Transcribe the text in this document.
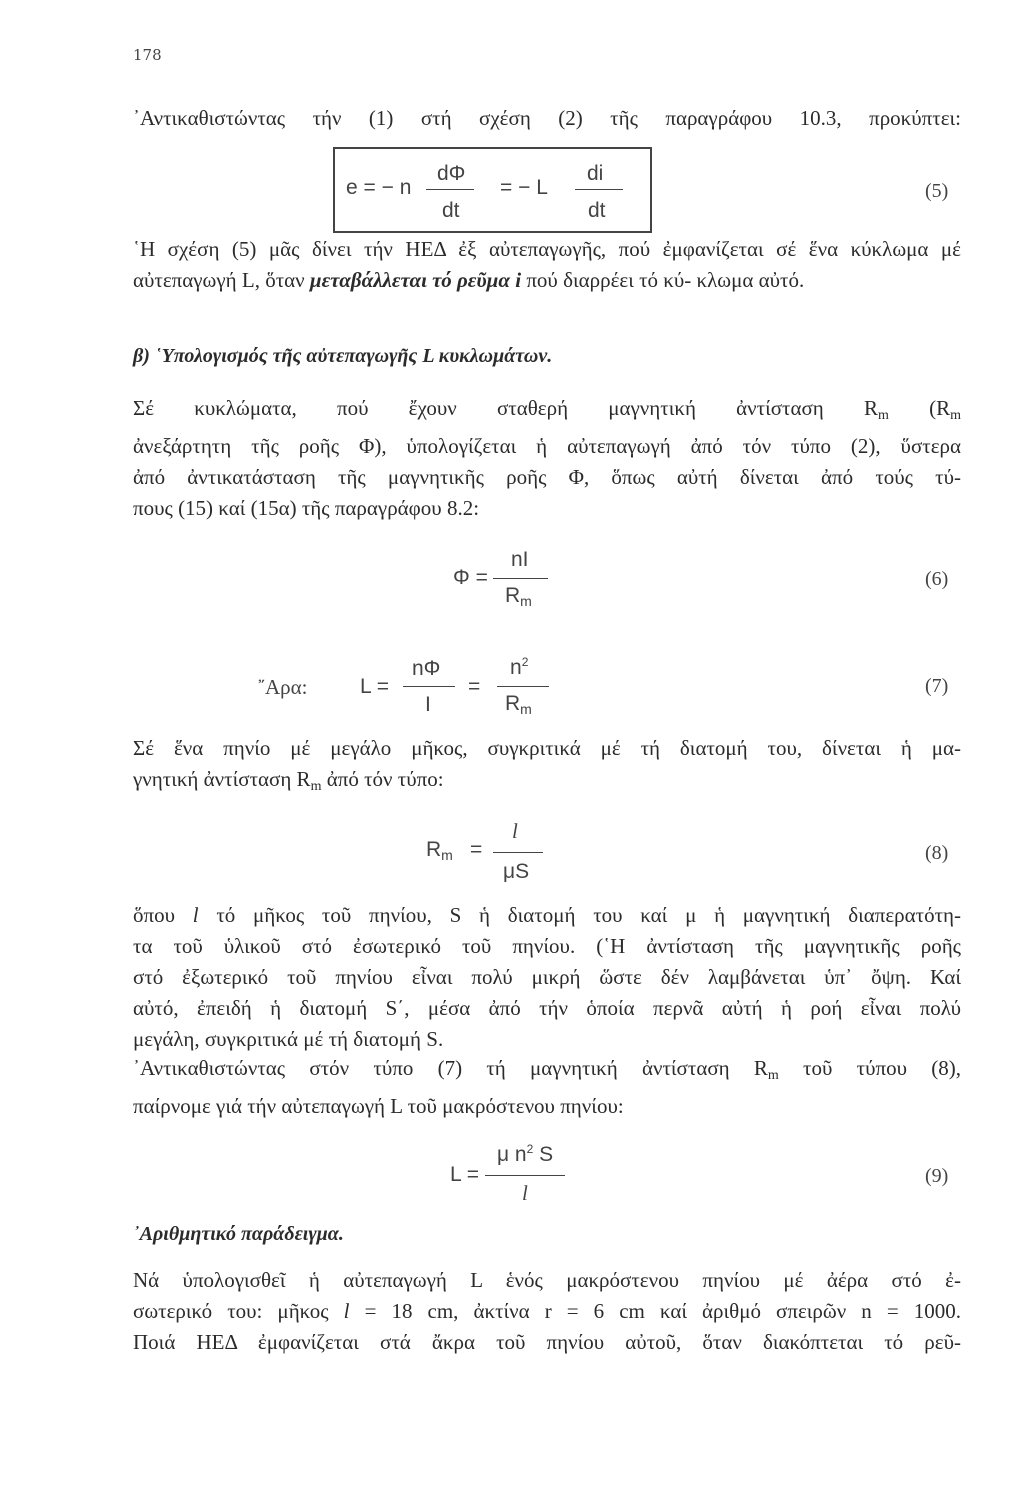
178

᾿Αντικαθιστώντας τήν (1) στή σχέση (2) τῆς παραγράφου 10.3, προκύπτει:

e = − n
dΦ
dt
= − L
di
dt
(5)

῾Η σχέση (5) μᾶς δίνει τήν ΗΕΔ ἐξ αὐτεπαγωγῆς, πού ἐμφανίζεται σέ ἕνα κύκλωμα μέ αὐτεπαγωγή L, ὅταν μεταβάλλεται τό ρεῦμα i πού διαρρέει τό κύ- κλωμα αὐτό.

β) ῾Υπολογισμός τῆς αὐτεπαγωγῆς L κυκλωμάτων.
Σέ κυκλώματα, πού ἔχουν σταθερή μαγνητική ἀντίσταση $R_m$ ($R_m$
ἀνεξάρτητη τῆς ροῆς Φ), ὑπολογίζεται ἡ αὐτεπαγωγή ἀπό τόν τύπο (2), ὕστερα
ἀπό ἀντικατάσταση τῆς μαγνητικῆς ροῆς Φ, ὅπως αὐτή δίνεται ἀπό τούς τύ-
πους (15) καί (15α) τῆς παραγράφου 8.2:
Φ =
nI
$R_m$
(6)
῎Αρα:	L =
nΦ
I
=
$n^2$
$R_m$
(7)
Σέ ἕνα πηνίο μέ μεγάλο μῆκος, συγκριτικά μέ τή διατομή του, δίνεται ἡ μα-
γνητική ἀντίσταση $R_m$ ἀπό τόν τύπο:
$R_m$ =
l
μS
(8)
ὅπου l τό μῆκος τοῦ πηνίου, S ἡ διατομή του καί μ ἡ μαγνητική διαπερατότη-
τα τοῦ ὑλικοῦ στό ἐσωτερικό τοῦ πηνίου. (῾Η ἀντίσταση τῆς μαγνητικῆς ροῆς
στό ἐξωτερικό τοῦ πηνίου εἶναι πολύ μικρή ὥστε δέν λαμβάνεται ὑπ᾿ ὄψη. Καί
αὐτό, ἐπειδή ἡ διατομή S΄, μέσα ἀπό τήν ὁποία περνᾶ αὐτή ἡ ροή εἶναι πολύ
μεγάλη, συγκριτικά μέ τή διατομή S.
᾿Αντικαθιστώντας στόν τύπο (7) τή μαγνητική ἀντίσταση $R_m$ τοῦ τύπου (8),
παίρνομε γιά τήν αὐτεπαγωγή L τοῦ μακρόστενου πηνίου:
L =
μ $n^2$ S
l
(9)
᾿Αριθμητικό παράδειγμα.
Νά ὑπολογισθεῖ ἡ αὐτεπαγωγή L ἑνός μακρόστενου πηνίου μέ ἀέρα στό ἐ-
σωτερικό του: μῆκος l = 18 cm, ἀκτίνα r = 6 cm καί ἀριθμό σπειρῶν n = 1000.
Ποιά ΗΕΔ ἐμφανίζεται στά ἄκρα τοῦ πηνίου αὐτοῦ, ὅταν διακόπτεται τό ρεῦ-
